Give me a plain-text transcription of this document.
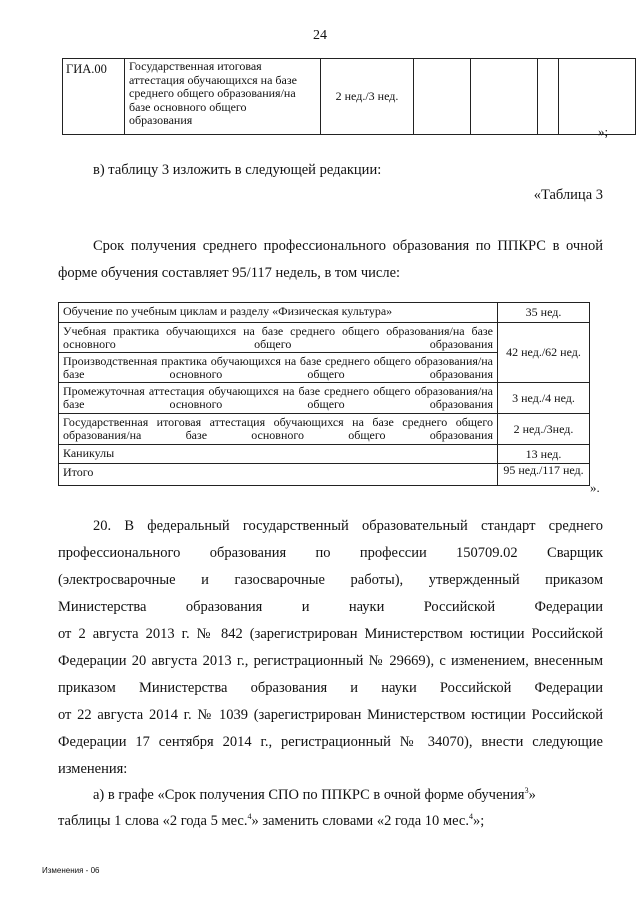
24
ГИА.00	Государственная итоговая
аттестация обучающихся на базе
среднего общего образования/на
базе основного общего
образования
	2 нед./3 нед.				
»;
в) таблицу 3 изложить в следующей редакции:
«Таблица 3
Срок получения среднего профессионального образования по ППКРС в очной
форме обучения составляет 95/117 недель, в том числе:
Обучение по учебным циклам и разделу «Физическая культура»	35 нед.
Учебная практика обучающихся на базе среднего общего образования/на базе основного общего образования	42 нед./62 нед.
Производственная практика обучающихся на базе среднего общего образования/на базе основного общего образования	
Промежуточная аттестация обучающихся на базе среднего общего образования/на базе основного общего образования	3 нед./4 нед.
Государственная итоговая аттестация обучающихся на базе среднего общего образования/на базе основного общего образования	2 нед./3нед.
Каникулы	13 нед.
Итого	95 нед./117 нед.
».
20. В федеральный государственный образовательный стандарт среднего
профессионального образования по профессии 150709.02 Сварщик
(электросварочные и газосварочные работы), утвержденный приказом
Министерства образования и науки Российской Федерации
от 2 августа 2013 г. № 842 (зарегистрирован Министерством юстиции Российской
Федерации 20 августа 2013 г., регистрационный № 29669), с изменением, внесенным
приказом Министерства образования и науки Российской Федерации
от 22 августа 2014 г. № 1039 (зарегистрирован Министерством юстиции Российской
Федерации 17 сентября 2014 г., регистрационный № 34070), внести следующие
изменения:
а) в графе «Срок получения СПО по ППКРС в очной форме обучения$^3$»
таблицы 1 слова «2 года 5 мес.$^4$» заменить словами «2 года 10 мес.$^4$»;
Изменения - 06
